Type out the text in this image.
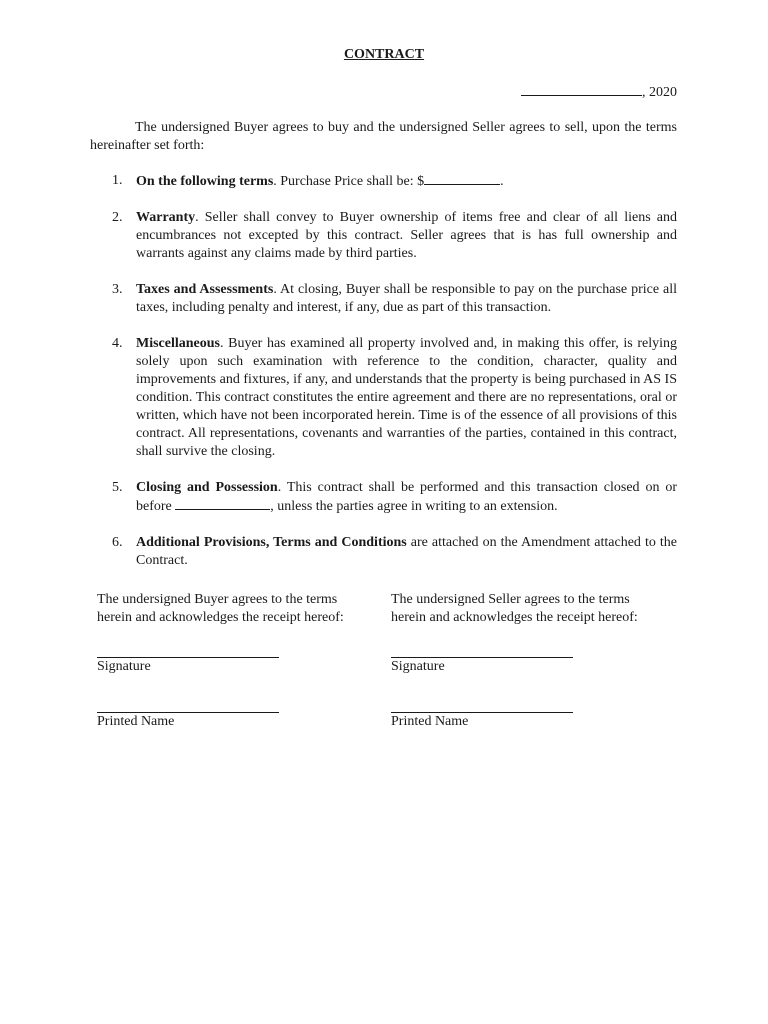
CONTRACT
, 2020

The undersigned Buyer agrees to buy and the undersigned Seller agrees to sell, upon the terms hereinafter set forth:

1. On the following terms. Purchase Price shall be: $	.
2. Warranty. Seller shall convey to Buyer ownership of items free and clear of all liens and encumbrances not excepted by this contract. Seller agrees that is has full ownership and warrants against any claims made by third parties.
3. Taxes and Assessments. At closing, Buyer shall be responsible to pay on the purchase price all taxes, including penalty and interest, if any, due as part of this transaction.
4. Miscellaneous. Buyer has examined all property involved and, in making this offer, is relying solely upon such examination with reference to the condition, character, quality and improvements and fixtures, if any, and understands that the property is being purchased in AS IS condition. This contract constitutes the entire agreement and there are no representations, oral or written, which have not been incorporated herein. Time is of the essence of all provisions of this contract. All representations, covenants and warranties of the parties, contained in this contract, shall survive the closing.
5. Closing and Possession. This contract shall be performed and this transaction closed on or before	, unless the parties agree in writing to an extension.
6. Additional Provisions, Terms and Conditions are attached on the Amendment attached to the Contract.
The undersigned Buyer agrees to the terms herein and acknowledges the receipt hereof:
Signature
Printed Name
The undersigned Seller agrees to the terms herein and acknowledges the receipt hereof:
Signature
Printed Name
